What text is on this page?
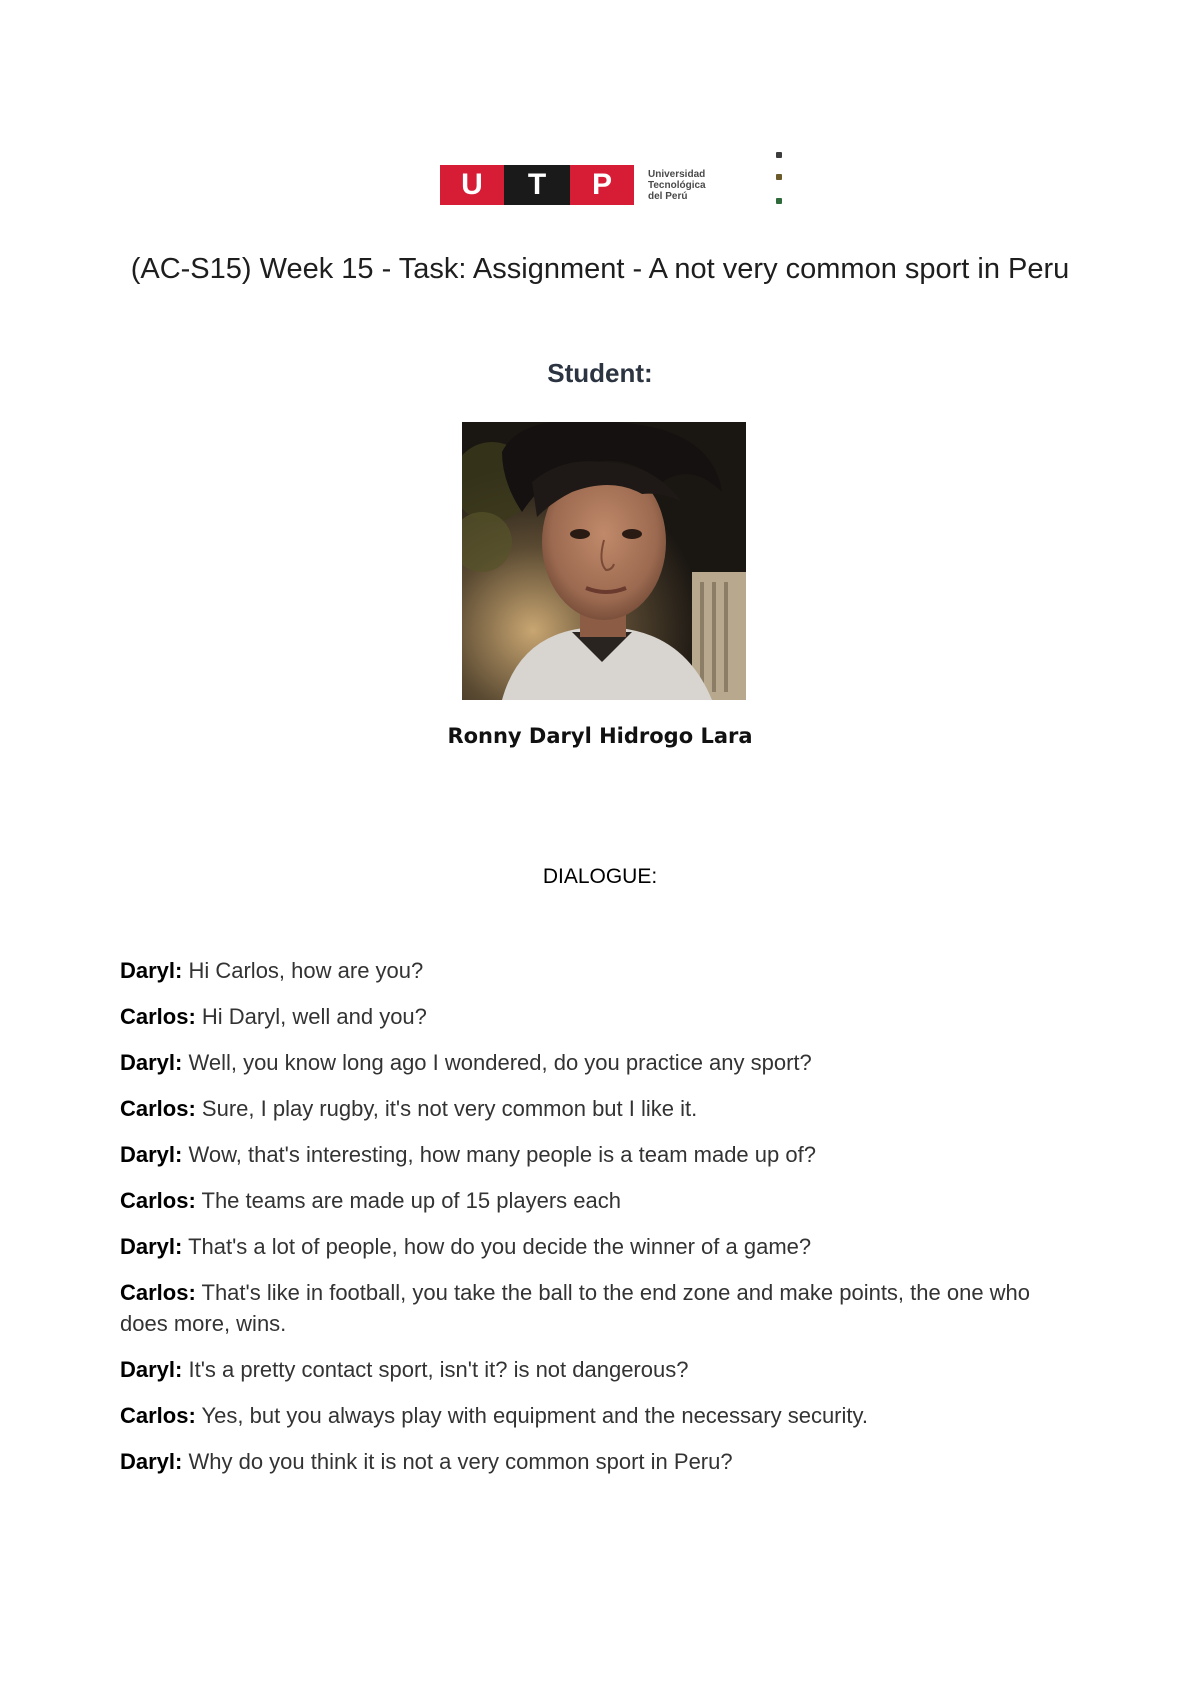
U	T	P	Universidad
Tecnológica
del Perú
(AC-S15) Week 15 - Task: Assignment - A not very common sport in Peru
Student:
Ronny Daryl Hidrogo Lara
DIALOGUE:

Daryl: Hi Carlos, how are you?

Carlos: Hi Daryl, well and you?

Daryl: Well, you know long ago I wondered, do you practice any sport?

Carlos: Sure, I play rugby, it's not very common but I like it.

Daryl: Wow, that's interesting, how many people is a team made up of?

Carlos: The teams are made up of 15 players each

Daryl: That's a lot of people, how do you decide the winner of a game?

Carlos: That's like in football, you take the ball to the end zone and make points, the one who does more, wins.

Daryl: It's a pretty contact sport, isn't it? is not dangerous?

Carlos: Yes, but you always play with equipment and the necessary security.

Daryl: Why do you think it is not a very common sport in Peru?
